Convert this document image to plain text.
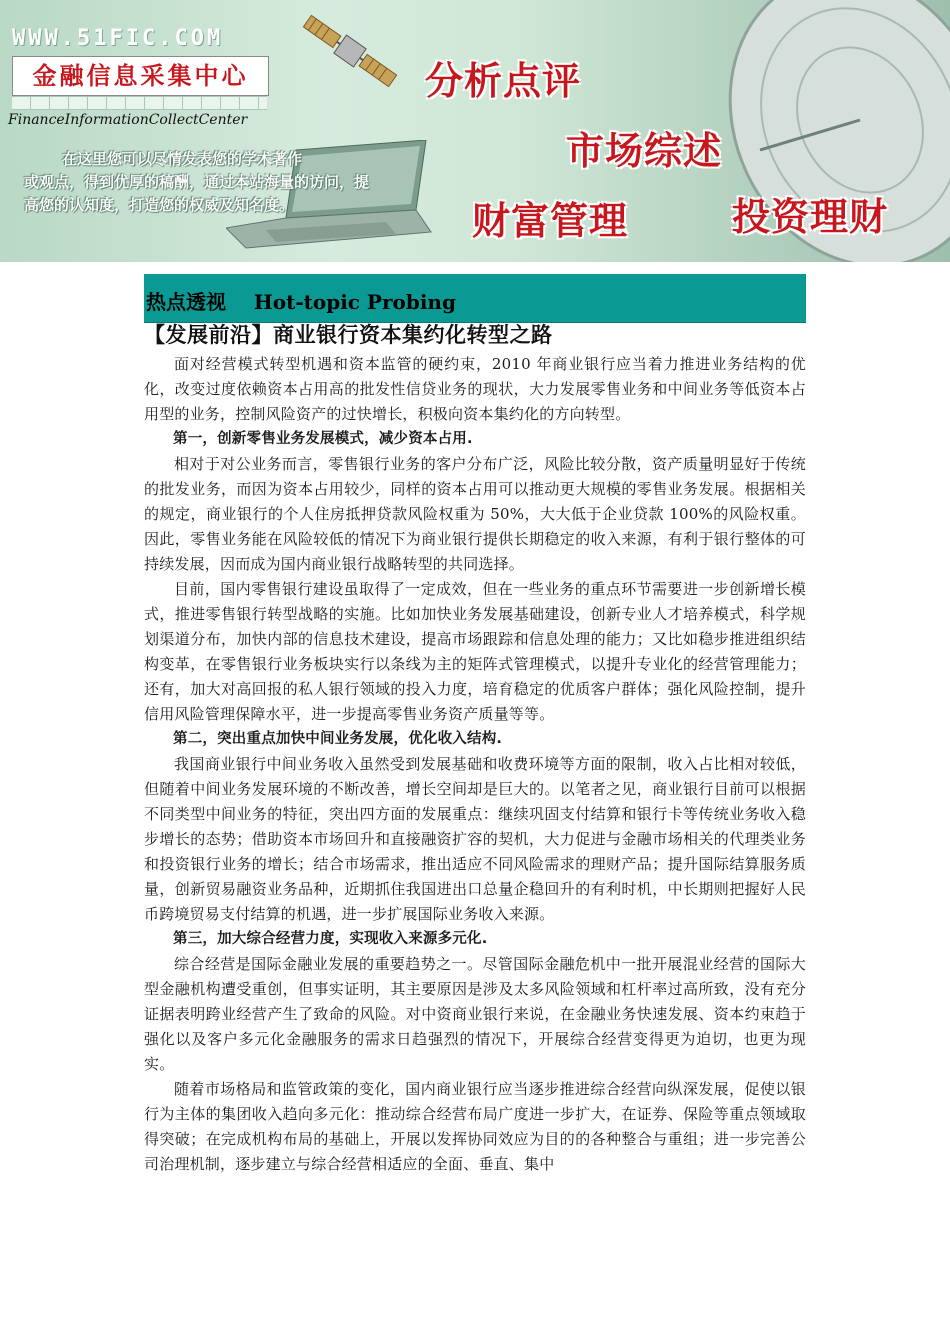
WWW.51FIC.COM
金融信息采集中心
FinanceInformationCollectCenter
在这里您可以尽情发表您的学术著作
或观点，得到优厚的稿酬，通过本站海量的访问，提高您的认知度，打造您的权威及知名度。
分析点评
市场综述
财富管理	投资理财
热点透视    Hot-topic Probing
【发展前沿】商业银行资本集约化转型之路

面对经营模式转型机遇和资本监管的硬约束，2010 年商业银行应当着力推进业务结构的优化，改变过度依赖资本占用高的批发性信贷业务的现状，大力发展零售业务和中间业务等低资本占用型的业务，控制风险资产的过快增长，积极向资本集约化的方向转型。

第一，创新零售业务发展模式，减少资本占用.

相对于对公业务而言，零售银行业务的客户分布广泛，风险比较分散，资产质量明显好于传统的批发业务，而因为资本占用较少，同样的资本占用可以推动更大规模的零售业务发展。根据相关的规定，商业银行的个人住房抵押贷款风险权重为 50%，大大低于企业贷款 100%的风险权重。因此，零售业务能在风险较低的情况下为商业银行提供长期稳定的收入来源，有利于银行整体的可持续发展，因而成为国内商业银行战略转型的共同选择。

目前，国内零售银行建设虽取得了一定成效，但在一些业务的重点环节需要进一步创新增长模式，推进零售银行转型战略的实施。比如加快业务发展基础建设，创新专业人才培养模式，科学规划渠道分布，加快内部的信息技术建设，提高市场跟踪和信息处理的能力；又比如稳步推进组织结构变革，在零售银行业务板块实行以条线为主的矩阵式管理模式，以提升专业化的经营管理能力；还有，加大对高回报的私人银行领域的投入力度，培育稳定的优质客户群体；强化风险控制，提升信用风险管理保障水平，进一步提高零售业务资产质量等等。

第二，突出重点加快中间业务发展，优化收入结构.

我国商业银行中间业务收入虽然受到发展基础和收费环境等方面的限制，收入占比相对较低，但随着中间业务发展环境的不断改善，增长空间却是巨大的。以笔者之见，商业银行目前可以根据不同类型中间业务的特征，突出四方面的发展重点：继续巩固支付结算和银行卡等传统业务收入稳步增长的态势；借助资本市场回升和直接融资扩容的契机，大力促进与金融市场相关的代理类业务和投资银行业务的增长；结合市场需求，推出适应不同风险需求的理财产品；提升国际结算服务质量，创新贸易融资业务品种，近期抓住我国进出口总量企稳回升的有利时机，中长期则把握好人民币跨境贸易支付结算的机遇，进一步扩展国际业务收入来源。

第三，加大综合经营力度，实现收入来源多元化.

综合经营是国际金融业发展的重要趋势之一。尽管国际金融危机中一批开展混业经营的国际大型金融机构遭受重创，但事实证明，其主要原因是涉及太多风险领域和杠杆率过高所致，没有充分证据表明跨业经营产生了致命的风险。对中资商业银行来说，在金融业务快速发展、资本约束趋于强化以及客户多元化金融服务的需求日趋强烈的情况下，开展综合经营变得更为迫切，也更为现实。

随着市场格局和监管政策的变化，国内商业银行应当逐步推进综合经营向纵深发展，促使以银行为主体的集团收入趋向多元化：推动综合经营布局广度进一步扩大，在证券、保险等重点领域取得突破；在完成机构布局的基础上，开展以发挥协同效应为目的的各种整合与重组；进一步完善公司治理机制，逐步建立与综合经营相适应的全面、垂直、集中
